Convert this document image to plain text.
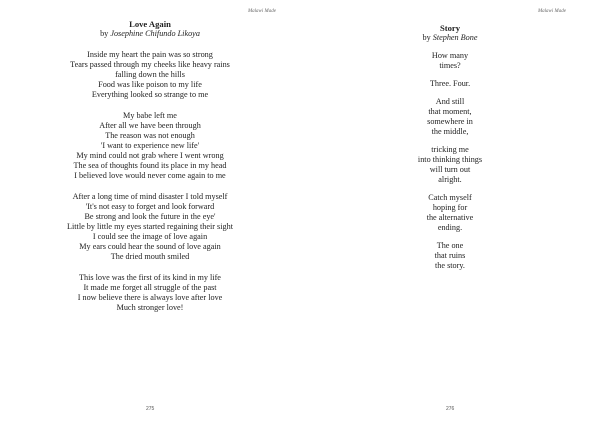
Malawi Made
Love Again
by Josephine Chifundo Likoya
Inside my heart the pain was so strong
Tears passed through my cheeks like heavy rains
falling down the hills
Food was like poison to my life
Everything looked so strange to me
My babe left me
After all we have been through
The reason was not enough
'I want to experience new life'
My mind could not grab where I went wrong
The sea of thoughts found its place in my head
I believed love would never come again to me
After a long time of mind disaster I told myself
'It's not easy to forget and look forward
Be strong and look the future in the eye'
Little by little my eyes started regaining their sight
I could see the image of love again
My ears could hear the sound of love again
The dried mouth smiled
This love was the first of its kind in my life
It made me forget all struggle of the past
I now believe there is always love after love
Much stronger love!
275
Malawi Made
Story
by Stephen Bone
How many
times?
Three. Four.
And still
that moment,
somewhere in
the middle,
tricking me
into thinking things
will turn out
alright.
Catch myself
hoping for
the alternative
ending.
The one
that ruins
the story.
276
